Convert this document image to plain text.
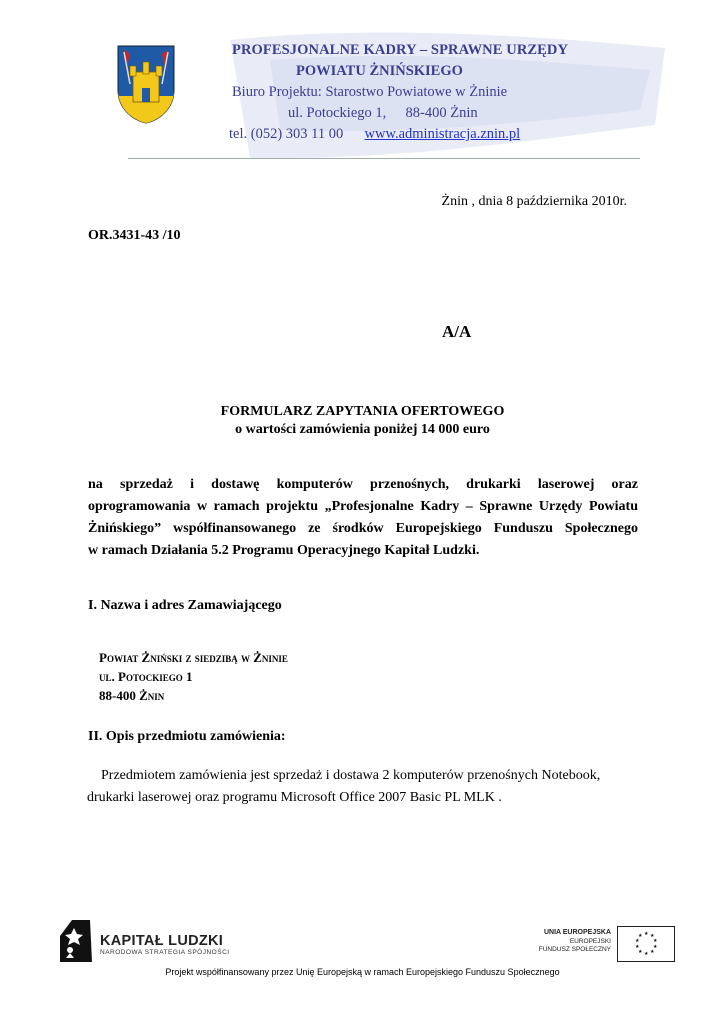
PROFESJONALNE KADRY – SPRAWNE URZĘDY
POWIATU ŻNIŃSKIEGO
Biuro Projektu: Starostwo Powiatowe w Żninie
ul. Potockiego 1, 88-400 Żnin
tel. (052) 303 11 00 www.administracja.znin.pl
Żnin , dnia 8 października 2010r.
OR.3431-43 /10
A/A
FORMULARZ ZAPYTANIA OFERTOWEGO
o wartości zamówienia poniżej 14 000 euro
na sprzedaż i dostawę komputerów przenośnych, drukarki laserowej oraz
oprogramowania w ramach projektu „Profesjonalne Kadry – Sprawne Urzędy Powiatu
Żnińskiego” współfinansowanego ze środków Europejskiego Funduszu Społecznego
w ramach Działania 5.2 Programu Operacyjnego Kapitał Ludzki.
I. Nazwa i adres Zamawiającego
Powiat Żniński z siedzibą w Żninie
ul. Potockiego 1
88-400 Żnin
II. Opis przedmiotu zamówienia:
Przedmiotem zamówienia jest sprzedaż i dostawa 2 komputerów przenośnych Notebook,
drukarki laserowej oraz programu Microsoft Office 2007 Basic PL MLK .
KAPITAŁ LUDZKI
NARODOWA STRATEGIA SPÓJNOŚCI
UNIA EUROPEJSKA
EUROPEJSKI
FUNDUSZ SPOŁECZNY
★ ★
★
★
★
★
★
★
★
★
Projekt współfinansowany przez Unię Europejską w ramach Europejskiego Funduszu Społecznego
